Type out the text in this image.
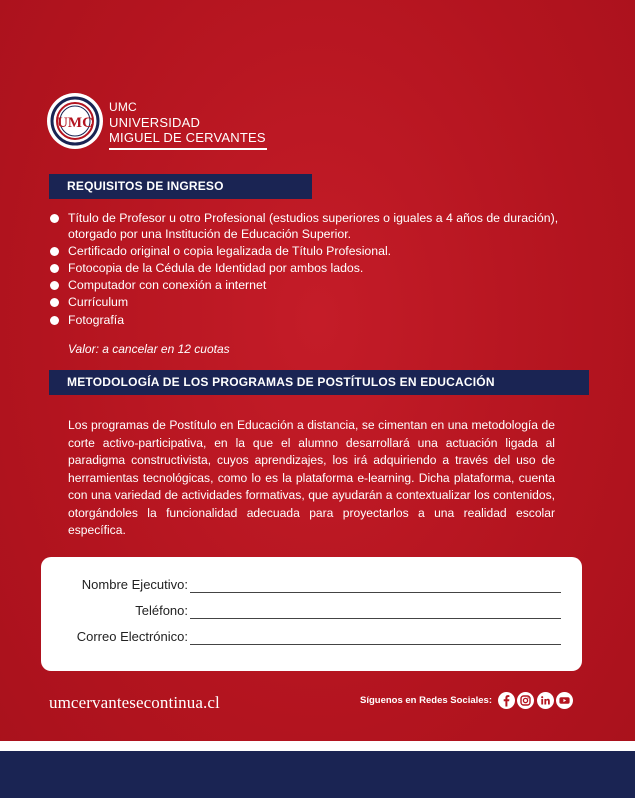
UMC
UMC
UNIVERSIDAD
MIGUEL DE CERVANTES
REQUISITOS DE INGRESO
Título de Profesor u otro Profesional (estudios superiores o iguales a 4 años de duración), otorgado por una Institución de Educación Superior.
Certificado original o copia legalizada de Título Profesional.
Fotocopia de la Cédula de Identidad por ambos lados.
Computador con conexión a internet
Currículum
Fotografía
Valor: a cancelar en 12 cuotas
METODOLOGÍA DE LOS PROGRAMAS DE POSTÍTULOS EN EDUCACIÓN

Los programas de Postítulo en Educación a distancia, se cimentan en una metodología de corte activo-participativa, en la que el alumno desarrollará una actuación ligada al paradigma constructivista, cuyos aprendizajes, los irá adquiriendo a través del uso de herramientas tecnológicas, como lo es la plataforma e-learning. Dicha plataforma, cuenta con una variedad de actividades formativas, que ayudarán a contextualizar los contenidos, otorgándoles la funcionalidad adecuada para proyectarlos a una realidad escolar específica.

Nombre Ejecutivo:
Teléfono:
Correo Electrónico:
umcervantesecontinua.cl	Síguenos en Redes Sociales:
